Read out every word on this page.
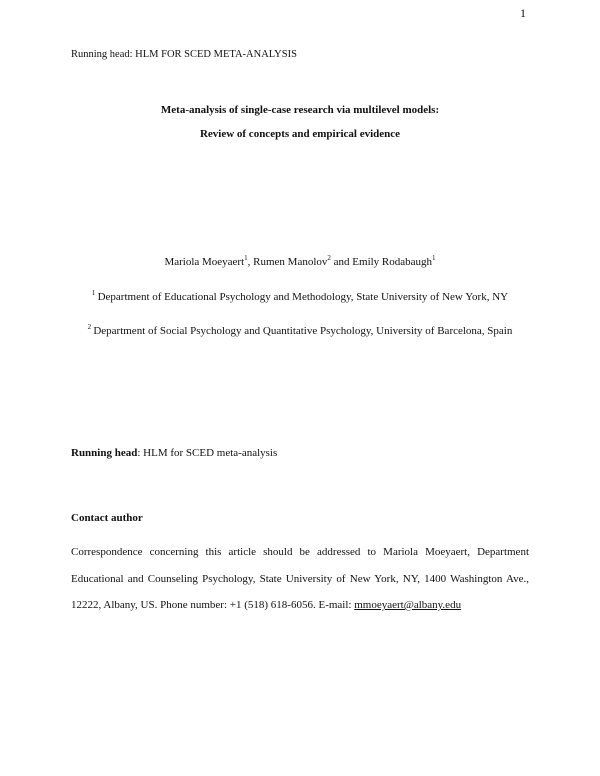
1
Running head: HLM FOR SCED META-ANALYSIS
Meta-analysis of single-case research via multilevel models:
Review of concepts and empirical evidence
Mariola Moeyaert$^1$, Rumen Manolov$^2$ and Emily Rodabaugh$^1$
$^1$  Department of Educational Psychology and Methodology, State University of New York, NY
$^2$  Department of Social Psychology and Quantitative Psychology, University of Barcelona, Spain
Running head: HLM for SCED meta-analysis
Contact author
Correspondence concerning this article should be addressed to Mariola Moeyaert, Department Educational and Counseling Psychology, State University of New York, NY, 1400 Washington Ave., 12222, Albany, US. Phone number: +1 (518) 618-6056. E-mail: mmoeyaert@albany.edu
